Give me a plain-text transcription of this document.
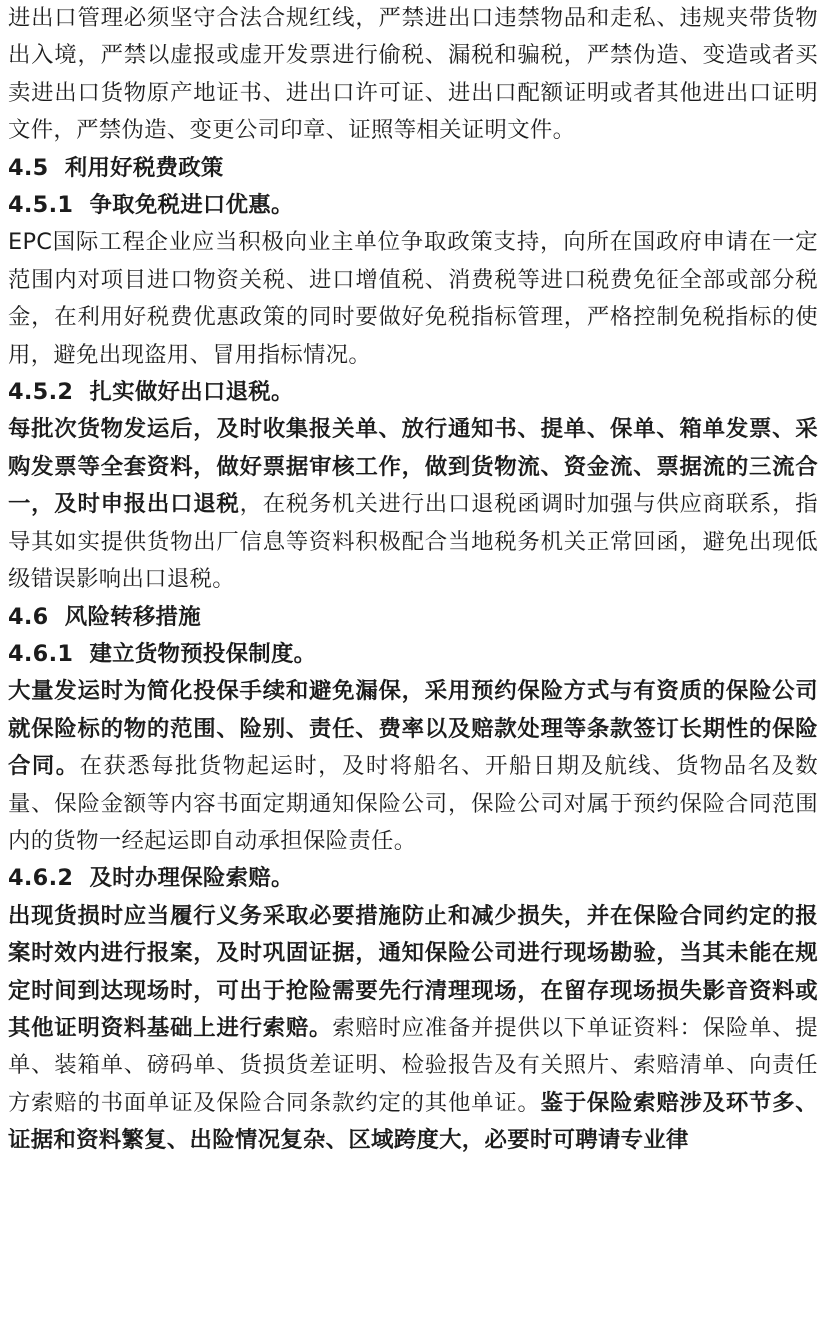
进出口管理必须坚守合法合规红线，严禁进出口违禁物品和走私、违规夹带货物出入境，严禁以虚报或虚开发票进行偷税、漏税和骗税，严禁伪造、变造或者买卖进出口货物原产地证书、进出口许可证、进出口配额证明或者其他进出口证明文件，严禁伪造、变更公司印章、证照等相关证明文件。

4.5  利用好税费政策

4.5.1  争取免税进口优惠。

EPC国际工程企业应当积极向业主单位争取政策支持，向所在国政府申请在一定范围内对项目进口物资关税、进口增值税、消费税等进口税费免征全部或部分税金，在利用好税费优惠政策的同时要做好免税指标管理，严格控制免税指标的使用，避免出现盗用、冒用指标情况。

4.5.2  扎实做好出口退税。

每批次货物发运后，及时收集报关单、放行通知书、提单、保单、箱单发票、采购发票等全套资料，做好票据审核工作，做到货物流、资金流、票据流的三流合一，及时申报出口退税，在税务机关进行出口退税函调时加强与供应商联系，指导其如实提供货物出厂信息等资料积极配合当地税务机关正常回函，避免出现低级错误影响出口退税。

4.6  风险转移措施

4.6.1  建立货物预投保制度。

大量发运时为简化投保手续和避免漏保，采用预约保险方式与有资质的保险公司就保险标的物的范围、险别、责任、费率以及赔款处理等条款签订长期性的保险合同。在获悉每批货物起运时，及时将船名、开船日期及航线、货物品名及数量、保险金额等内容书面定期通知保险公司，保险公司对属于预约保险合同范围内的货物一经起运即自动承担保险责任。

4.6.2  及时办理保险索赔。

出现货损时应当履行义务采取必要措施防止和减少损失，并在保险合同约定的报案时效内进行报案，及时巩固证据，通知保险公司进行现场勘验，当其未能在规定时间到达现场时，可出于抢险需要先行清理现场，在留存现场损失影音资料或其他证明资料基础上进行索赔。索赔时应准备并提供以下单证资料：保险单、提单、装箱单、磅码单、货损货差证明、检验报告及有关照片、索赔清单、向责任方索赔的书面单证及保险合同条款约定的其他单证。鉴于保险索赔涉及环节多、证据和资料繁复、出险情况复杂、区域跨度大，必要时可聘请专业律
